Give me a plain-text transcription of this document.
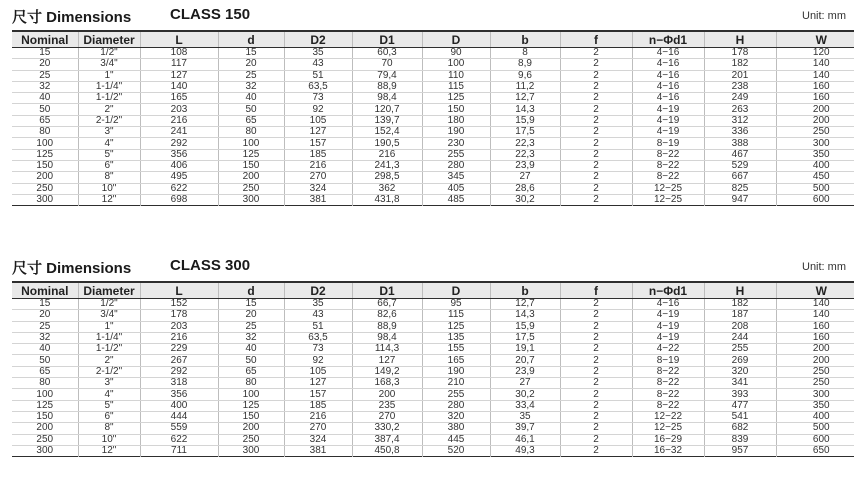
尺寸 Dimensions	CLASS 150	Unit: mm
Nominal	Diameter	L	d	D2	D1	D	b	f	n−Φd1	H	W
15	1/2"	108	15	35	60,3	90	8	2	4−16	178	120
20	3/4"	117	20	43	70	100	8,9	2	4−16	182	140
25	1"	127	25	51	79,4	110	9,6	2	4−16	201	140
32	1-1/4"	140	32	63,5	88,9	115	11,2	2	4−16	238	160
40	1-1/2"	165	40	73	98,4	125	12,7	2	4−16	249	160
50	2"	203	50	92	120,7	150	14,3	2	4−19	263	200
65	2-1/2"	216	65	105	139,7	180	15,9	2	4−19	312	200
80	3"	241	80	127	152,4	190	17,5	2	4−19	336	250
100	4"	292	100	157	190,5	230	22,3	2	8−19	388	300
125	5"	356	125	185	216	255	22,3	2	8−22	467	350
150	6"	406	150	216	241,3	280	23,9	2	8−22	529	400
200	8"	495	200	270	298,5	345	27	2	8−22	667	450
250	10"	622	250	324	362	405	28,6	2	12−25	825	500
300	12"	698	300	381	431,8	485	30,2	2	12−25	947	600
尺寸 Dimensions	CLASS 300	Unit: mm
Nominal	Diameter	L	d	D2	D1	D	b	f	n−Φd1	H	W
15	1/2"	152	15	35	66,7	95	12,7	2	4−16	182	140
20	3/4"	178	20	43	82,6	115	14,3	2	4−19	187	140
25	1"	203	25	51	88,9	125	15,9	2	4−19	208	160
32	1-1/4"	216	32	63,5	98,4	135	17,5	2	4−19	244	160
40	1-1/2"	229	40	73	114,3	155	19,1	2	4−22	255	200
50	2"	267	50	92	127	165	20,7	2	8−19	269	200
65	2-1/2"	292	65	105	149,2	190	23,9	2	8−22	320	250
80	3"	318	80	127	168,3	210	27	2	8−22	341	250
100	4"	356	100	157	200	255	30,2	2	8−22	393	300
125	5"	400	125	185	235	280	33,4	2	8−22	477	350
150	6"	444	150	216	270	320	35	2	12−22	541	400
200	8"	559	200	270	330,2	380	39,7	2	12−25	682	500
250	10"	622	250	324	387,4	445	46,1	2	16−29	839	600
300	12"	711	300	381	450,8	520	49,3	2	16−32	957	650
